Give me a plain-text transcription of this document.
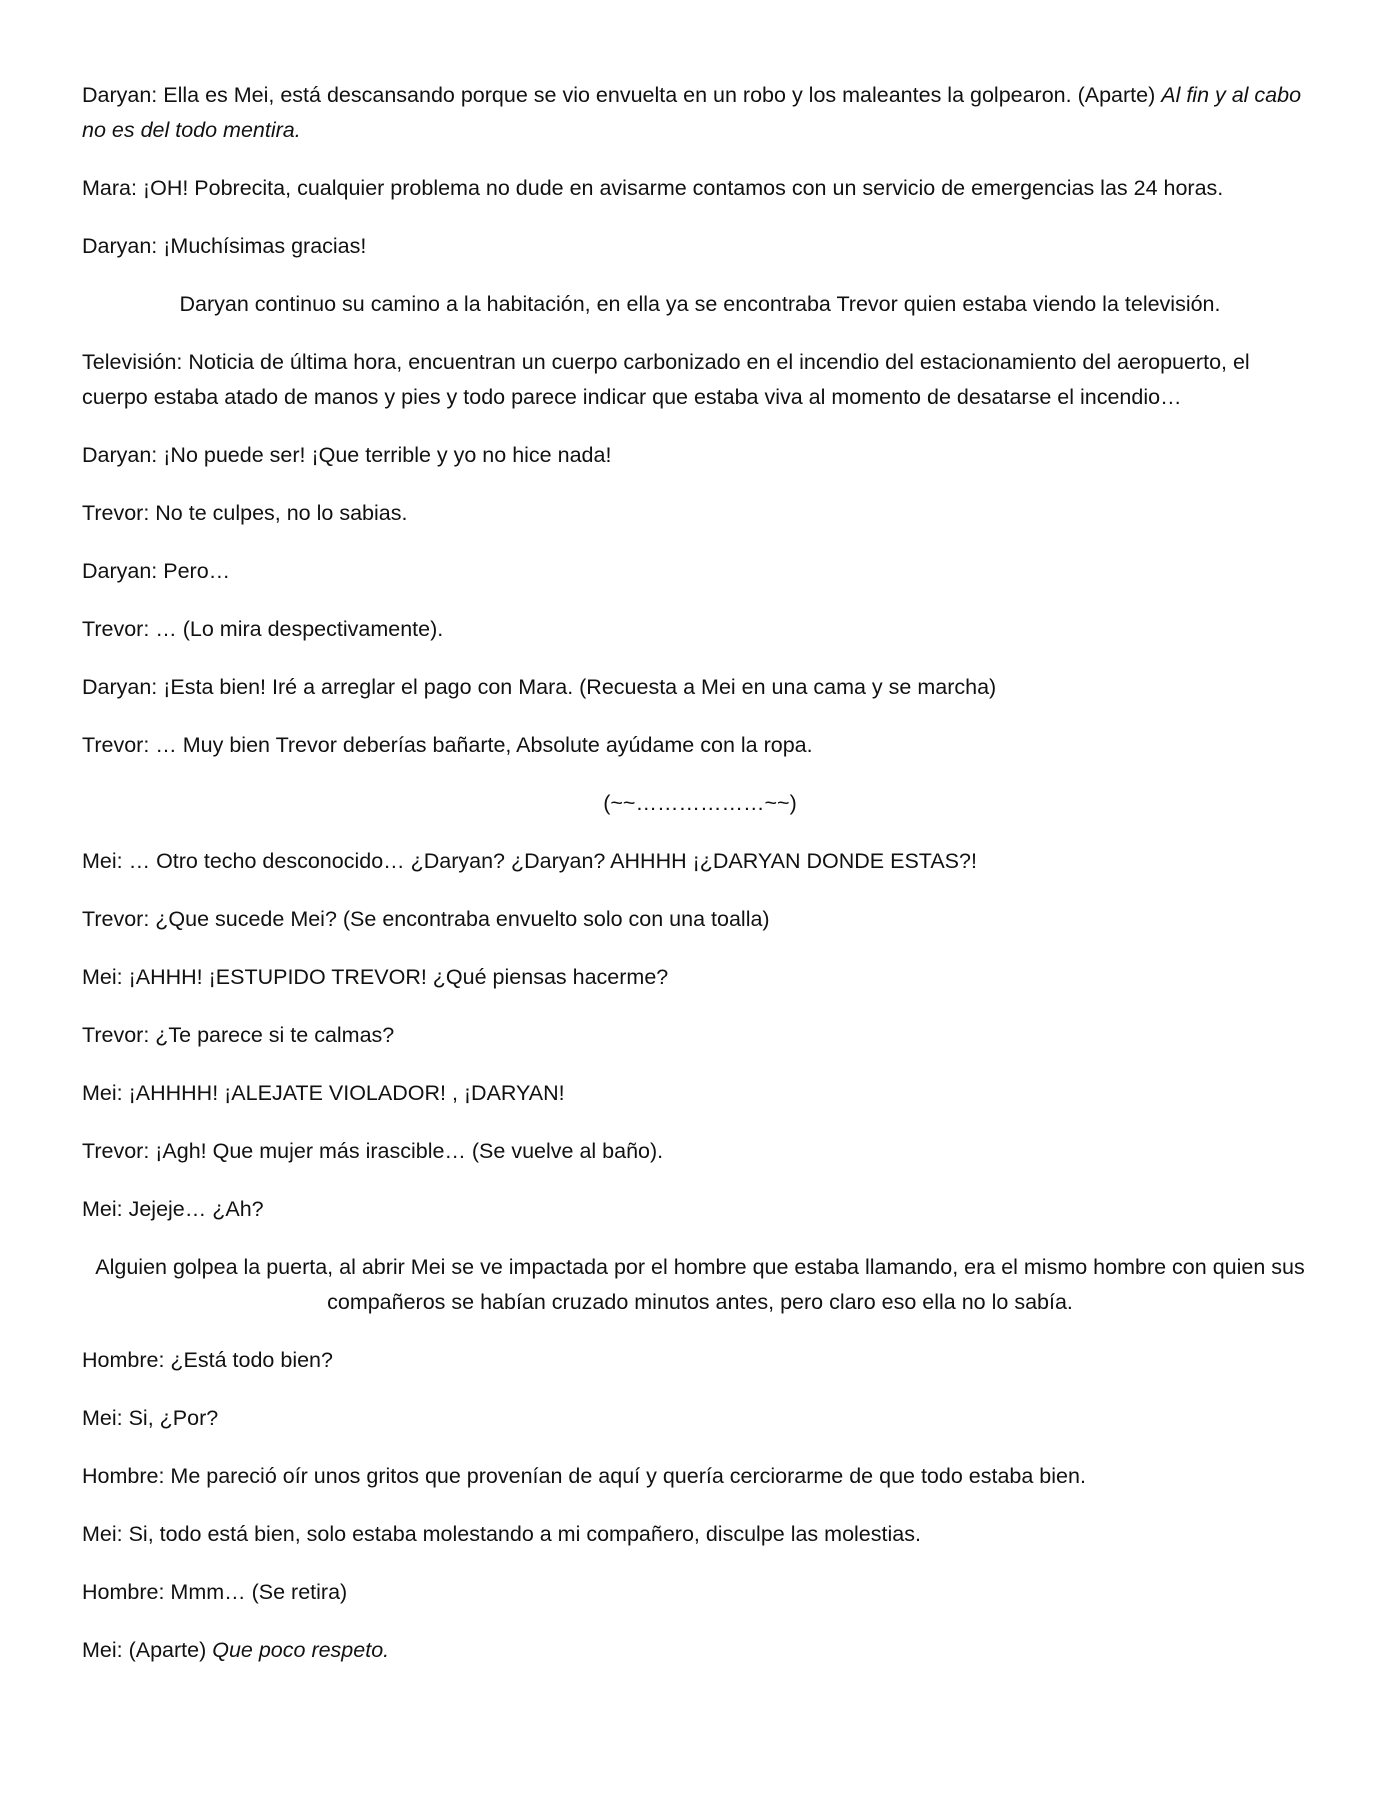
Daryan: Ella es Mei, está descansando porque se vio envuelta en un robo y los maleantes la golpearon. (Aparte) Al fin y al cabo no es del todo mentira.

Mara: ¡OH! Pobrecita, cualquier problema no dude en avisarme contamos con un servicio de emergencias las 24 horas.

Daryan: ¡Muchísimas gracias!

Daryan continuo su camino a la habitación, en ella ya se encontraba Trevor quien estaba viendo la televisión.

Televisión: Noticia de última hora, encuentran un cuerpo carbonizado en el incendio del estacionamiento del aeropuerto, el cuerpo estaba atado de manos y pies y todo parece indicar que estaba viva al momento de desatarse el incendio…

Daryan: ¡No puede ser! ¡Que terrible y yo no hice nada!

Trevor: No te culpes, no lo sabias.

Daryan: Pero…

Trevor: … (Lo mira despectivamente).

Daryan: ¡Esta bien! Iré a arreglar el pago con Mara. (Recuesta a Mei en una cama y se marcha)

Trevor: … Muy bien Trevor deberías bañarte, Absolute ayúdame con la ropa.

(~~………………~~)

Mei: … Otro techo desconocido… ¿Daryan? ¿Daryan? AHHHH ¡¿DARYAN DONDE ESTAS?!

Trevor: ¿Que sucede Mei? (Se encontraba envuelto solo con una toalla)

Mei: ¡AHHH! ¡ESTUPIDO TREVOR! ¿Qué piensas hacerme?

Trevor: ¿Te parece si te calmas?

Mei: ¡AHHHH! ¡ALEJATE VIOLADOR! , ¡DARYAN!

Trevor: ¡Agh! Que mujer más irascible… (Se vuelve al baño).

Mei: Jejeje… ¿Ah?

Alguien golpea la puerta, al abrir Mei se ve impactada por el hombre que estaba llamando, era el mismo hombre con quien sus compañeros se habían cruzado minutos antes, pero claro eso ella no lo sabía.

Hombre: ¿Está todo bien?

Mei: Si, ¿Por?

Hombre: Me pareció oír unos gritos que provenían de aquí y quería cerciorarme de que todo estaba bien.

Mei: Si, todo está bien, solo estaba molestando a mi compañero, disculpe las molestias.

Hombre: Mmm… (Se retira)

Mei: (Aparte) Que poco respeto.
